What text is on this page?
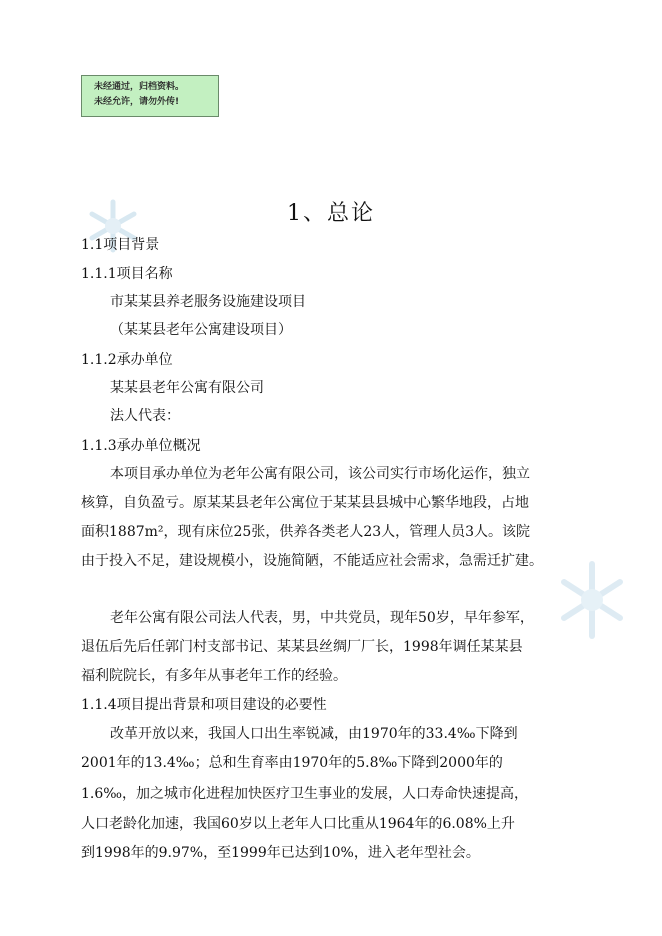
未经通过，归档资料。
未经允许，请勿外传!
1、总论
1.1项目背景
1.1.1项目名称
市某某县养老服务设施建设项目
（某某县老年公寓建设项目）
1.1.2承办单位
某某县老年公寓有限公司
法人代表：
1.1.3承办单位概况
本项目承办单位为老年公寓有限公司，该公司实行市场化运作，独立
核算，自负盈亏。原某某县老年公寓位于某某县县城中心繁华地段，占地
面积1887m²，现有床位25张，供养各类老人23人，管理人员3人。该院
由于投入不足，建设规模小，设施简陋，不能适应社会需求，急需迁扩建。
老年公寓有限公司法人代表，男，中共党员，现年50岁，早年参军，
退伍后先后任郭门村支部书记、某某县丝绸厂厂长，1998年调任某某县
福利院院长，有多年从事老年工作的经验。
1.1.4项目提出背景和项目建设的必要性
改革开放以来，我国人口出生率锐减，由1970年的33.4‰下降到
2001年的13.4‰；总和生育率由1970年的5.8‰下降到2000年的
1.6‰，加之城市化进程加快医疗卫生事业的发展，人口寿命快速提高，
人口老龄化加速，我国60岁以上老年人口比重从1964年的6.08%上升
到1998年的9.97%，至1999年已达到10%，进入老年型社会。
